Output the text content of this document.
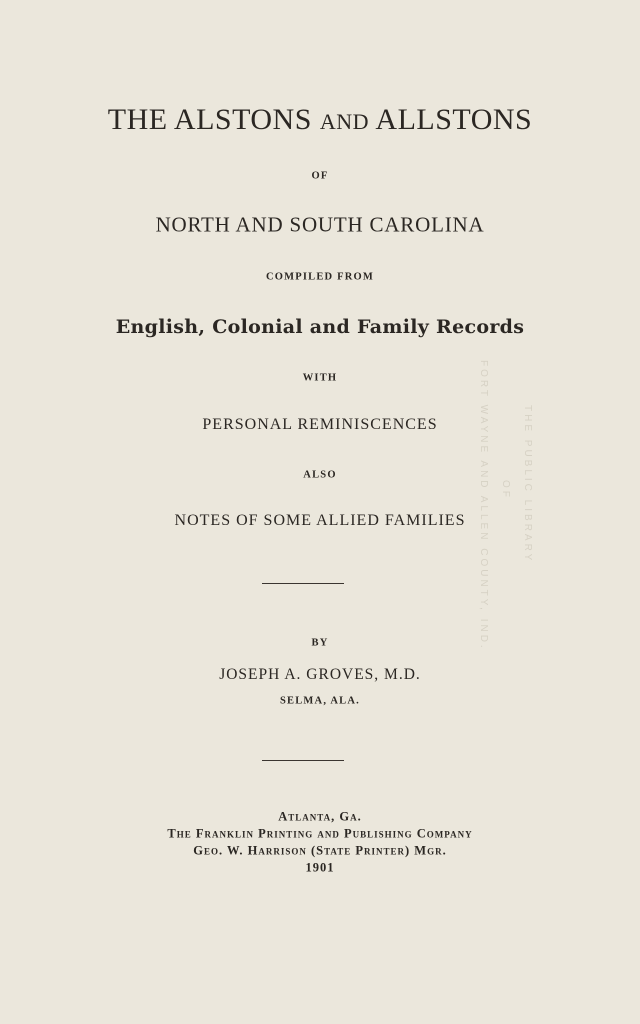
FORT WAYNE AND ALLEN COUNTY, IND. OF THE PUBLIC LIBRARY
THE ALSTONS AND ALLSTONS
OF
NORTH AND SOUTH CAROLINA
COMPILED FROM
English, Colonial and Family Records
WITH
PERSONAL REMINISCENCES
ALSO
NOTES OF SOME ALLIED FAMILIES
BY
JOSEPH A. GROVES, M.D.
SELMA, ALA.
Atlanta, Ga.
The Franklin Printing and Publishing Company
Geo. W. Harrison (State Printer) Mgr.
1901
